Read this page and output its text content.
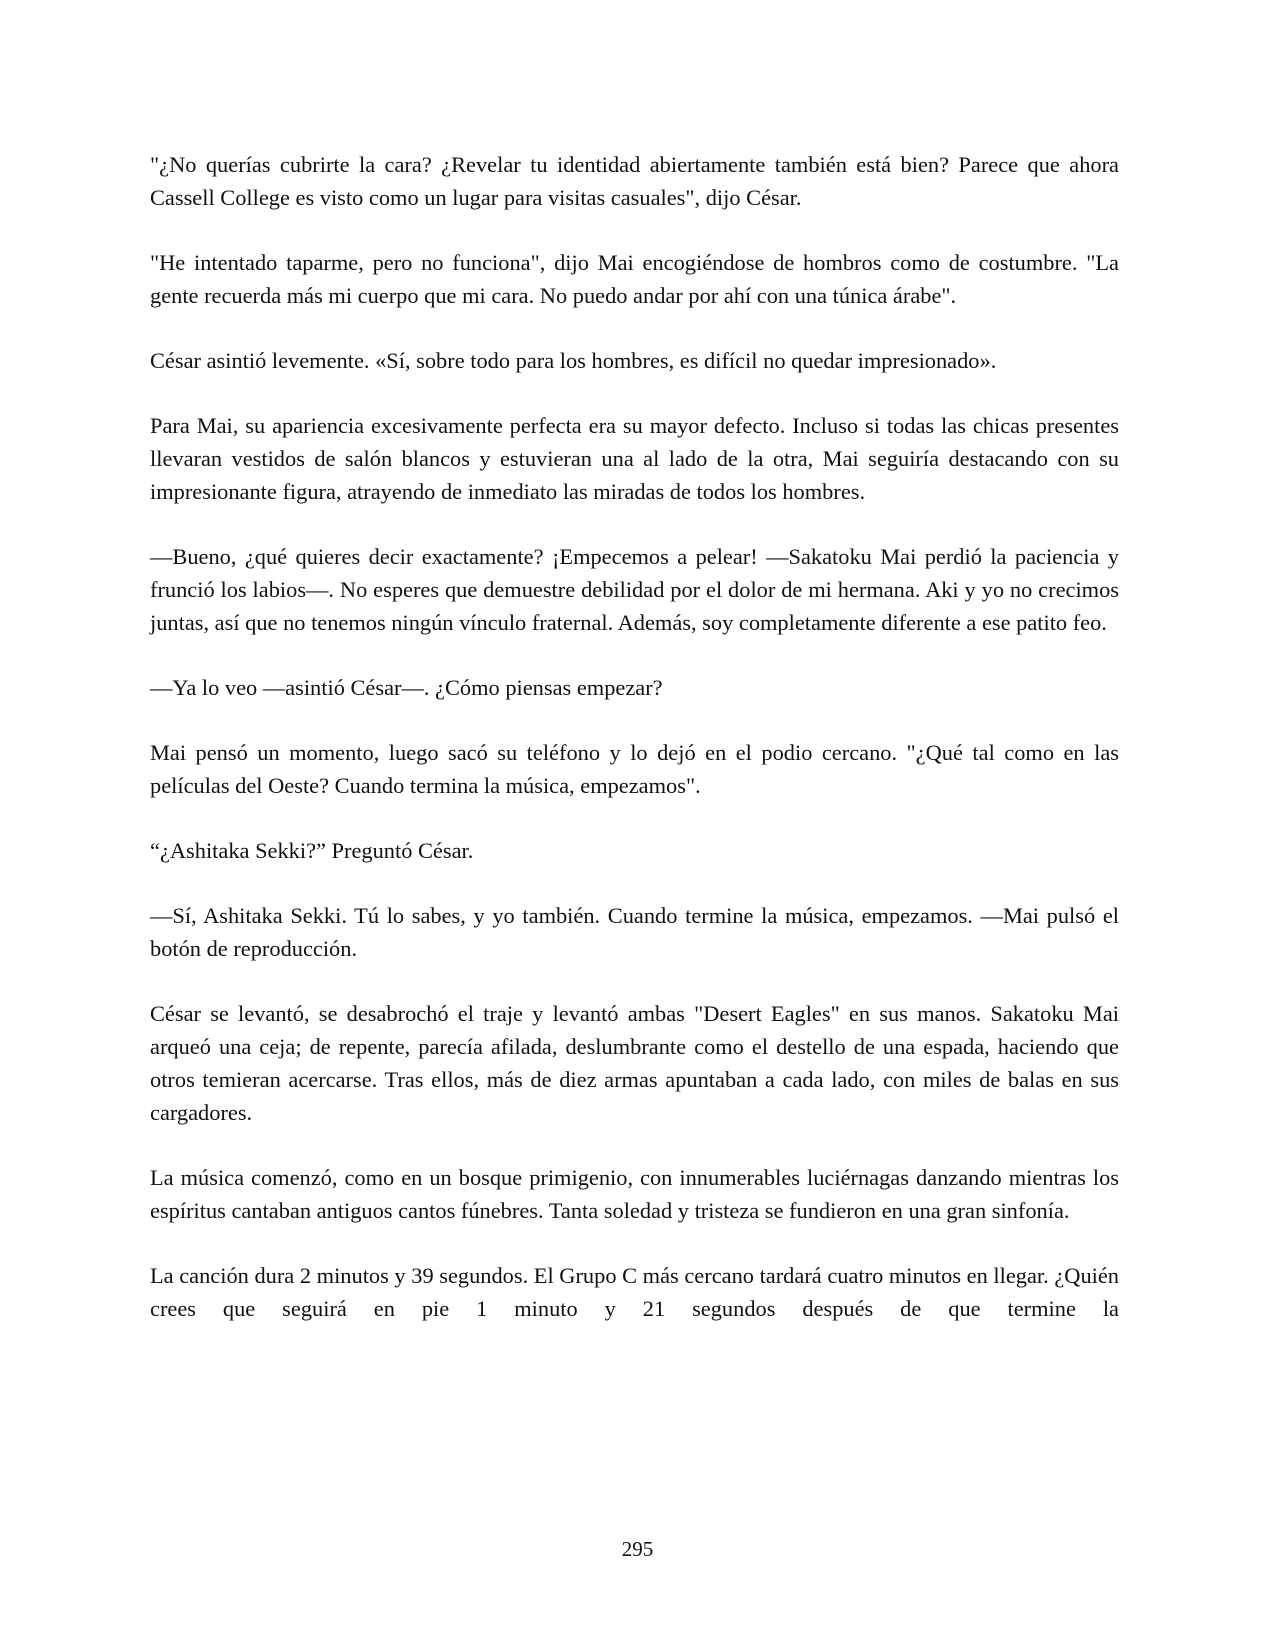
"¿No querías cubrirte la cara? ¿Revelar tu identidad abiertamente también está bien? Parece que ahora Cassell College es visto como un lugar para visitas casuales", dijo César.

"He intentado taparme, pero no funciona", dijo Mai encogiéndose de hombros como de costumbre. "La gente recuerda más mi cuerpo que mi cara. No puedo andar por ahí con una túnica árabe".

César asintió levemente. «Sí, sobre todo para los hombres, es difícil no quedar impresionado».

Para Mai, su apariencia excesivamente perfecta era su mayor defecto. Incluso si todas las chicas presentes llevaran vestidos de salón blancos y estuvieran una al lado de la otra, Mai seguiría destacando con su impresionante figura, atrayendo de inmediato las miradas de todos los hombres.

—Bueno, ¿qué quieres decir exactamente? ¡Empecemos a pelear! —Sakatoku Mai perdió la paciencia y frunció los labios—. No esperes que demuestre debilidad por el dolor de mi hermana. Aki y yo no crecimos juntas, así que no tenemos ningún vínculo fraternal. Además, soy completamente diferente a ese patito feo.

—Ya lo veo —asintió César—. ¿Cómo piensas empezar?

Mai pensó un momento, luego sacó su teléfono y lo dejó en el podio cercano. "¿Qué tal como en las películas del Oeste? Cuando termina la música, empezamos".

“¿Ashitaka Sekki?” Preguntó César.

—Sí, Ashitaka Sekki. Tú lo sabes, y yo también. Cuando termine la música, empezamos. —Mai pulsó el botón de reproducción.

César se levantó, se desabrochó el traje y levantó ambas "Desert Eagles" en sus manos. Sakatoku Mai arqueó una ceja; de repente, parecía afilada, deslumbrante como el destello de una espada, haciendo que otros temieran acercarse. Tras ellos, más de diez armas apuntaban a cada lado, con miles de balas en sus cargadores.

La música comenzó, como en un bosque primigenio, con innumerables luciérnagas danzando mientras los espíritus cantaban antiguos cantos fúnebres. Tanta soledad y tristeza se fundieron en una gran sinfonía.

La canción dura 2 minutos y 39 segundos. El Grupo C más cercano tardará cuatro minutos en llegar. ¿Quién crees que seguirá en pie 1 minuto y 21 segundos después de que termine la

295
